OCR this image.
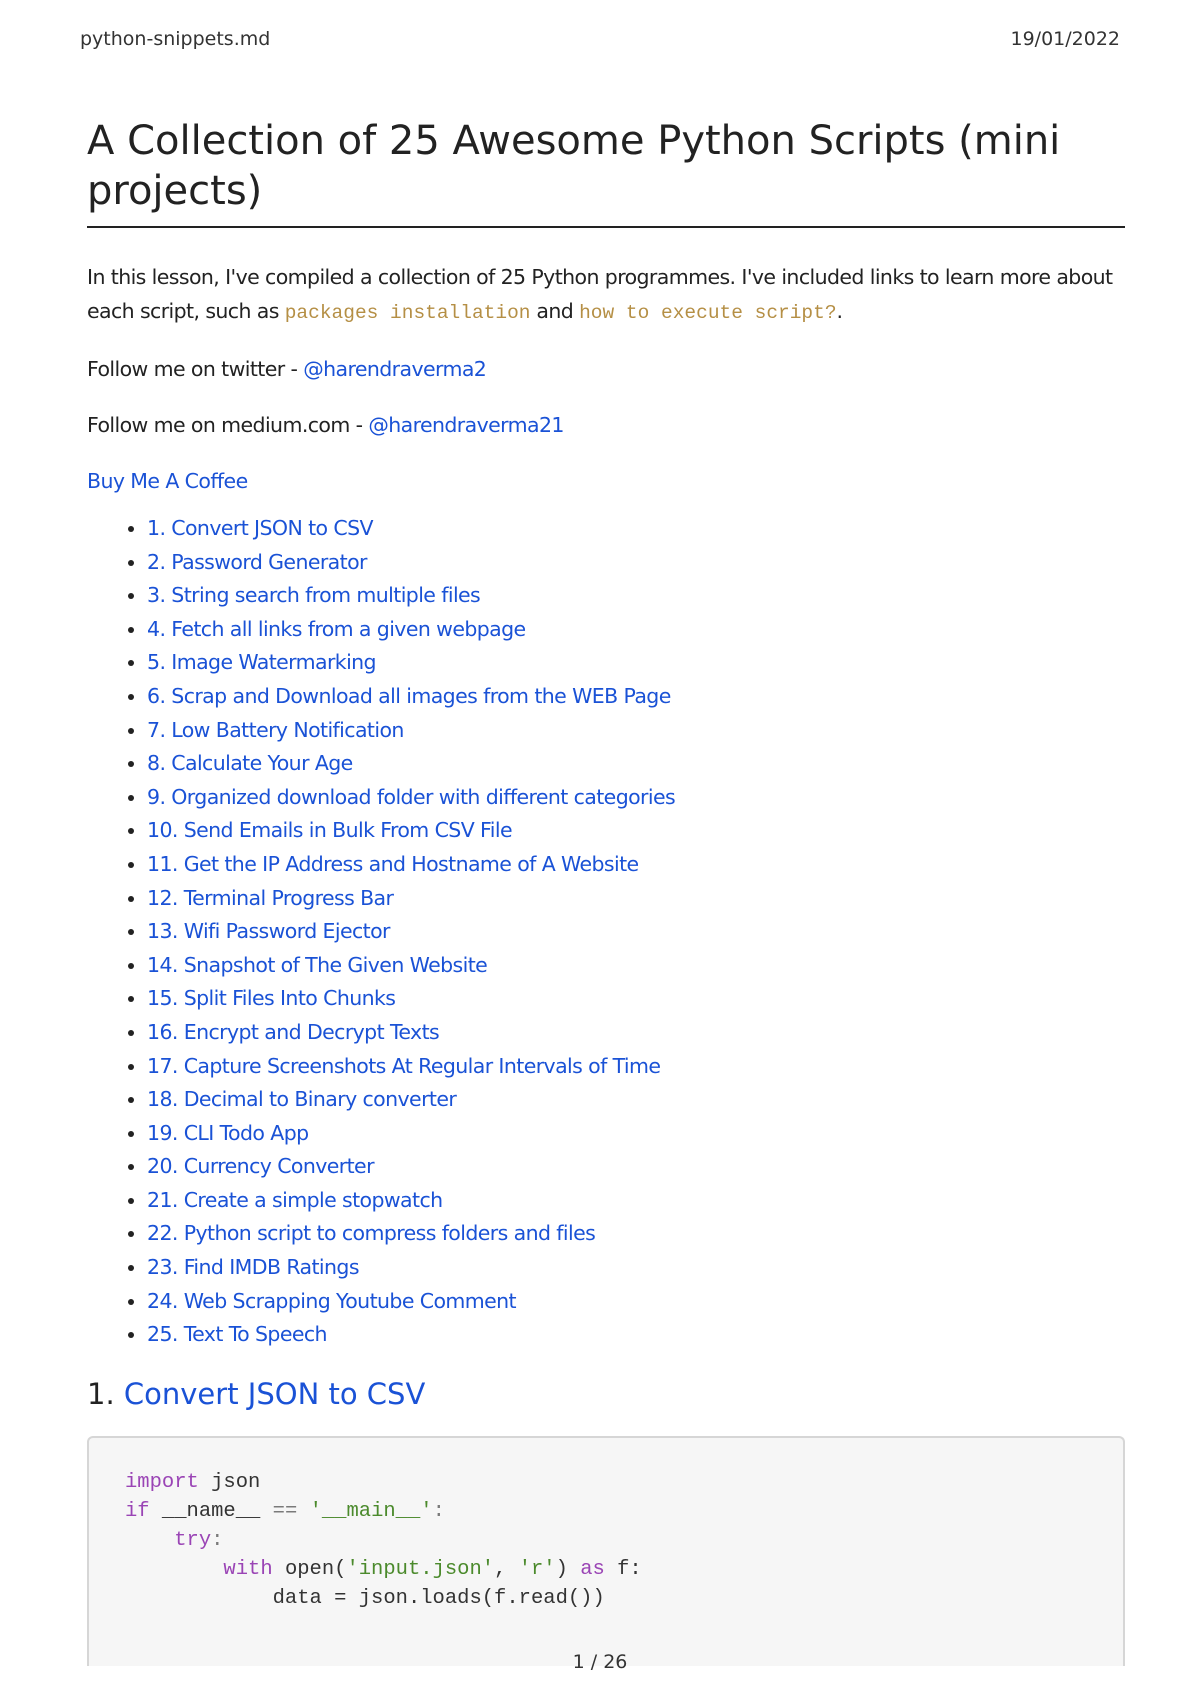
python-snippets.md	19/01/2022
A Collection of 25 Awesome Python Scripts (mini projects)

In this lesson, I've compiled a collection of 25 Python programmes. I've included links to learn more about each script, such as packages installation and how to execute script?.

Follow me on twitter - @harendraverma2

Follow me on medium.com - @harendraverma21

Buy Me A Coffee

• 1. Convert JSON to CSV
• 2. Password Generator
• 3. String search from multiple files
• 4. Fetch all links from a given webpage
• 5. Image Watermarking
• 6. Scrap and Download all images from the WEB Page
• 7. Low Battery Notification
• 8. Calculate Your Age
• 9. Organized download folder with different categories
• 10. Send Emails in Bulk From CSV File
• 11. Get the IP Address and Hostname of A Website
• 12. Terminal Progress Bar
• 13. Wifi Password Ejector
• 14. Snapshot of The Given Website
• 15. Split Files Into Chunks
• 16. Encrypt and Decrypt Texts
• 17. Capture Screenshots At Regular Intervals of Time
• 18. Decimal to Binary converter
• 19. CLI Todo App
• 20. Currency Converter
• 21. Create a simple stopwatch
• 22. Python script to compress folders and files
• 23. Find IMDB Ratings
• 24. Web Scrapping Youtube Comment
• 25. Text To Speech
1. Convert JSON to CSV
import json
if __name__ == '__main__':
try:
with open('input.json', 'r') as f:
data = json.loads(f.read())
1 / 26
